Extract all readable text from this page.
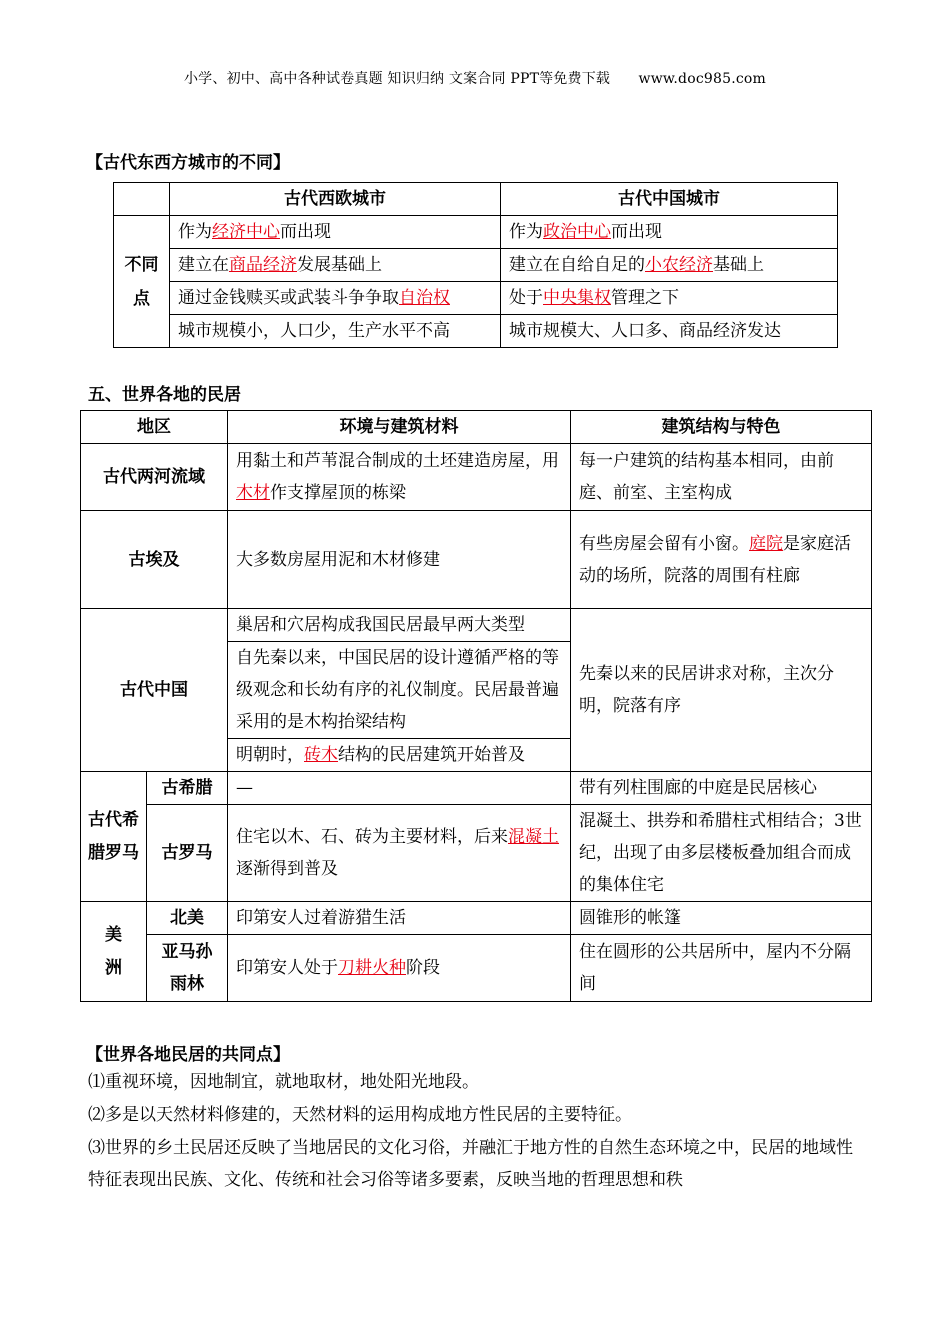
小学、初中、高中各种试卷真题 知识归纳 文案合同 PPT等免费下载　　www.doc985.com
【古代东西方城市的不同】
	古代西欧城市	古代中国城市
不同点	作为经济中心而出现	作为政治中心而出现
	建立在商品经济发展基础上	建立在自给自足的小农经济基础上
	通过金钱赎买或武装斗争争取自治权	处于中央集权管理之下
	城市规模小，人口少，生产水平不高	城市规模大、人口多、商品经济发达
五、世界各地的民居
地区		环境与建筑材料	建筑结构与特色
古代两河流域		用黏土和芦苇混合制成的土坯建造房屋，用木材作支撑屋顶的栋梁	每一户建筑的结构基本相同，由前庭、前室、主室构成
古埃及		大多数房屋用泥和木材修建	有些房屋会留有小窗。庭院是家庭活动的场所，院落的周围有柱廊
古代中国		巢居和穴居构成我国民居最早两大类型	先秦以来的民居讲求对称，主次分明，院落有序
		自先秦以来，中国民居的设计遵循严格的等级观念和长幼有序的礼仪制度。民居最普遍采用的是木构抬梁结构	
		明朝时，砖木结构的民居建筑开始普及	
古代希腊罗马	古希腊	—	带有列柱围廊的中庭是民居核心
	古罗马	住宅以木、石、砖为主要材料，后来混凝土逐渐得到普及	混凝土、拱券和希腊柱式相结合；3世纪，出现了由多层楼板叠加组合而成的集体住宅
美洲	北美	印第安人过着游猎生活	圆锥形的帐篷
	亚马孙雨林	印第安人处于刀耕火种阶段	住在圆形的公共居所中，屋内不分隔间
【世界各地民居的共同点】
⑴重视环境，因地制宜，就地取材，地处阳光地段。
⑵多是以天然材料修建的，天然材料的运用构成地方性民居的主要特征。
⑶世界的乡土民居还反映了当地居民的文化习俗，并融汇于地方性的自然生态环境之中，民居的地域性特征表现出民族、文化、传统和社会习俗等诸多要素，反映当地的哲理思想和秩
